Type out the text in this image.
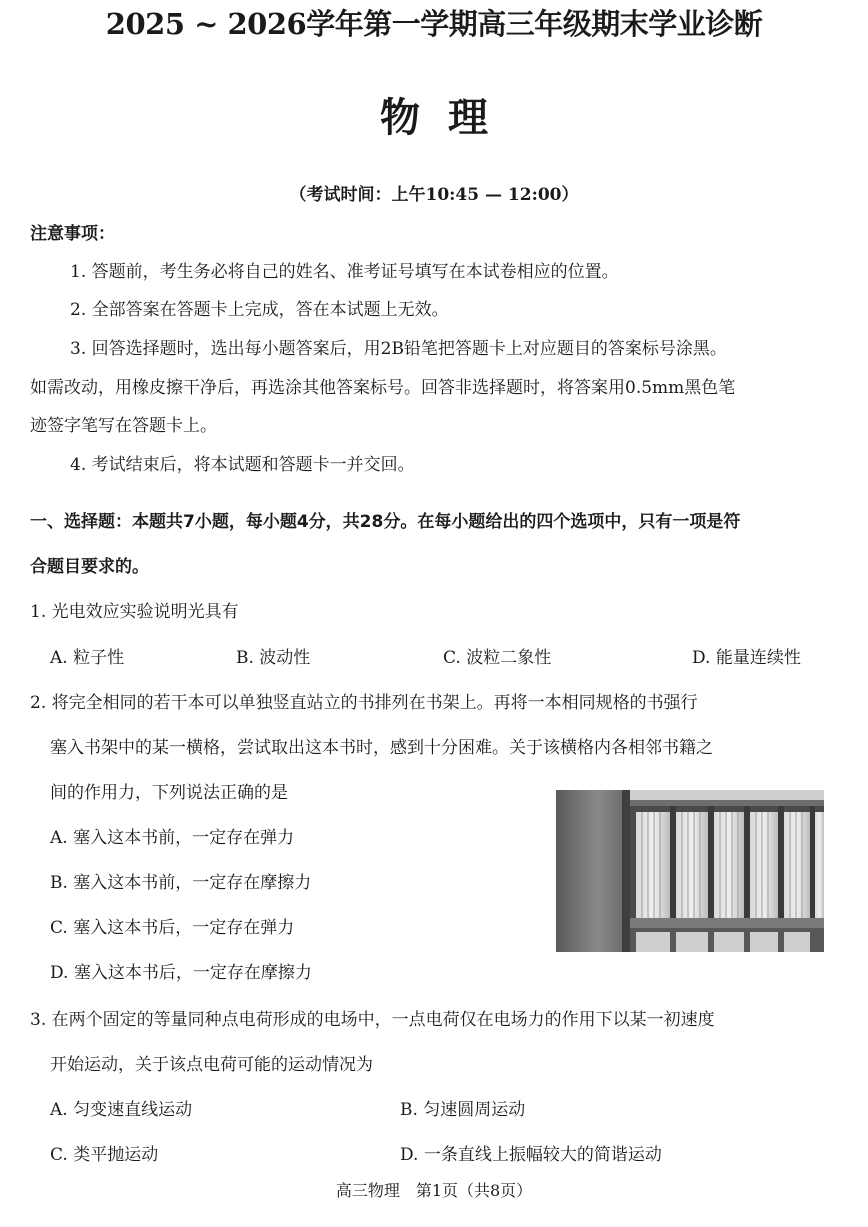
2025 ~ 2026学年第一学期高三年级期末学业诊断
物理
（考试时间：上午10:45 — 12:00）
注意事项：
1. 答题前，考生务必将自己的姓名、准考证号填写在本试卷相应的位置。
2. 全部答案在答题卡上完成，答在本试题上无效。
3. 回答选择题时，选出每小题答案后，用2B铅笔把答题卡上对应题目的答案标号涂黑。
如需改动，用橡皮擦干净后，再选涂其他答案标号。回答非选择题时，将答案用0.5mm黑色笔
迹签字笔写在答题卡上。
4. 考试结束后，将本试题和答题卡一并交回。
一、选择题：本题共7小题，每小题4分，共28分。在每小题给出的四个选项中，只有一项是符
合题目要求的。
1. 光电效应实验说明光具有
A. 粒子性	B. 波动性	C. 波粒二象性	D. 能量连续性
2. 将完全相同的若干本可以单独竖直站立的书排列在书架上。再将一本相同规格的书强行
塞入书架中的某一横格，尝试取出这本书时，感到十分困难。关于该横格内各相邻书籍之
间的作用力，下列说法正确的是
A. 塞入这本书前，一定存在弹力
B. 塞入这本书前，一定存在摩擦力
C. 塞入这本书后，一定存在弹力
D. 塞入这本书后，一定存在摩擦力
3. 在两个固定的等量同种点电荷形成的电场中，一点电荷仅在电场力的作用下以某一初速度
开始运动，关于该点电荷可能的运动情况为
A. 匀变速直线运动	B. 匀速圆周运动
C. 类平抛运动	D. 一条直线上振幅较大的简谐运动
高三物理　第1页（共8页）
